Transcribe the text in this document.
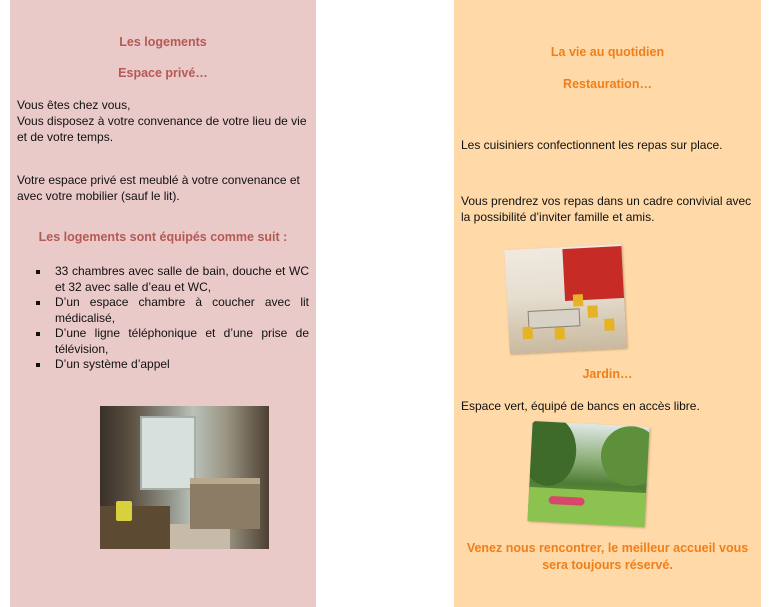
Les logements
Espace privé…

Vous êtes chez vous,

Vous disposez à votre convenance de votre lieu de vie et de votre temps.

Votre espace privé est meublé à votre convenance et avec votre mobilier (sauf le lit).

Les logements sont équipés comme suit :
33 chambres avec salle de bain, douche et WC et 32 avec salle d’eau et WC,
D’un espace chambre à coucher avec lit médicalisé,
D’une ligne téléphonique et d’une prise de télévision,
D’un système d’appel
La vie au quotidien
Restauration…

Les cuisiniers confectionnent les repas sur place.

Vous prendrez vos repas dans un cadre convivial avec la possibilité d’inviter famille et amis.

Jardin…

Espace vert, équipé de bancs en accès libre.

Venez nous rencontrer, le meilleur accueil vous sera toujours réservé.
